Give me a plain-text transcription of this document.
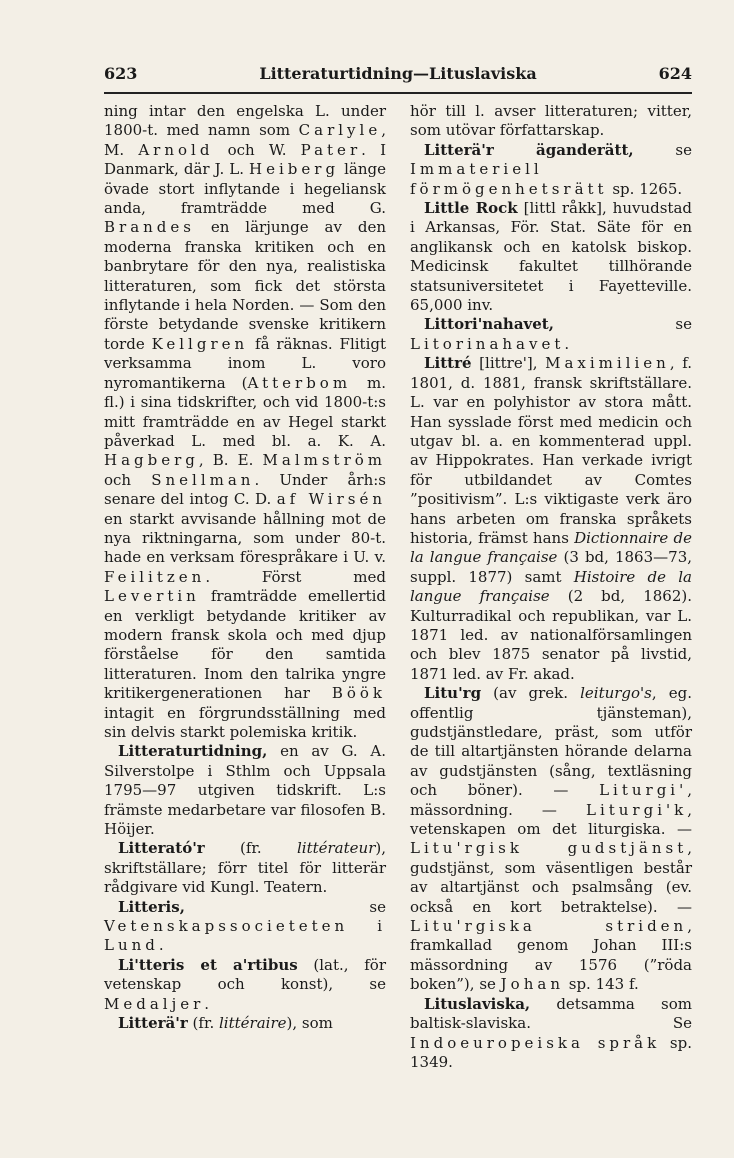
623	Litteraturtidning—Lituslaviska	624

ning intar den engelska L. under 1800-t. med namn som Carlyle, M. Arnold och W. Pater. I Danmark, där J. L. Heiberg länge övade stort inflytande i hegeliansk anda, framträdde med G. Brandes en lärjunge av den moderna franska kritiken och en banbrytare för den nya, realistiska litteraturen, som fick det största inflytande i hela Norden. — Som den förste betydande svenske kritikern torde Kellgren få räknas. Flitigt verksamma inom L. voro nyromantikerna (Atterbom m. fl.) i sina tidskrifter, och vid 1800-t:s mitt framträdde en av Hegel starkt påverkad L. med bl. a. K. A. Hagberg, B. E. Malmström och Snellman. Under årh:s senare del intog C. D. af Wirsén en starkt avvisande hållning mot de nya riktningarna, som under 80-t. hade en verksam förespråkare i U. v. Feilitzen. Först med Levertin framträdde emellertid en verkligt betydande kritiker av modern fransk skola och med djup förståelse för den samtida litteraturen. Inom den talrika yngre kritikergenerationen har Böök intagit en förgrundsställning med sin delvis starkt polemiska kritik.

Litteraturtidning, en av G. A. Silverstolpe i Sthlm och Uppsala 1795—97 utgiven tidskrift. L:s främste medarbetare var filosofen B. Höijer.

Litterató'r (fr. littérateur), skriftställare; förr titel för litterär rådgivare vid Kungl. Teatern.

Litteris, se Vetenskapssocieteten i Lund.

Li'tteris et a'rtibus (lat., för vetenskap och konst), se Medaljer.

Litterä'r (fr. littéraire), som

hör till l. avser litteraturen; vitter, som utövar författarskap.

Litterä'r äganderätt, se Immateriell förmögenhetsrätt sp. 1265.

Little Rock [littl råkk], huvudstad i Arkansas, För. Stat. Säte för en anglikansk och en katolsk biskop. Medicinsk fakultet tillhörande statsuniversitetet i Fayetteville. 65,000 inv.

Littori'nahavet, se Litorinahavet.

Littré [littre'], Maximilien, f. 1801, d. 1881, fransk skriftställare. L. var en polyhistor av stora mått. Han sysslade först med medicin och utgav bl. a. en kommenterad uppl. av Hippokrates. Han verkade ivrigt för utbildandet av Comtes ”positivism”. L:s viktigaste verk äro hans arbeten om franska språkets historia, främst hans Dictionnaire de la langue française (3 bd, 1863—73, suppl. 1877) samt Histoire de la langue française (2 bd, 1862). Kulturradikal och republikan, var L. 1871 led. av nationalförsamlingen och blev 1875 senator på livstid, 1871 led. av Fr. akad.

Litu'rg (av grek. leiturgo's, eg. offentlig tjänsteman), gudstjänstledare, präst, som utför de till altartjänsten hörande delarna av gudstjänsten (sång, textläsning och böner). — Liturgi', mässordning. — Liturgi'k, vetenskapen om det liturgiska. — Litu'rgisk gudstjänst, gudstjänst, som väsentligen består av altartjänst och psalmsång (ev. också en kort betraktelse). — Litu'rgiska striden, framkallad genom Johan III:s mässordning av 1576 (”röda boken”), se Johan sp. 143 f.

Lituslaviska, detsamma som baltisk-slaviska. Se Indoeuropeiska språk sp. 1349.
